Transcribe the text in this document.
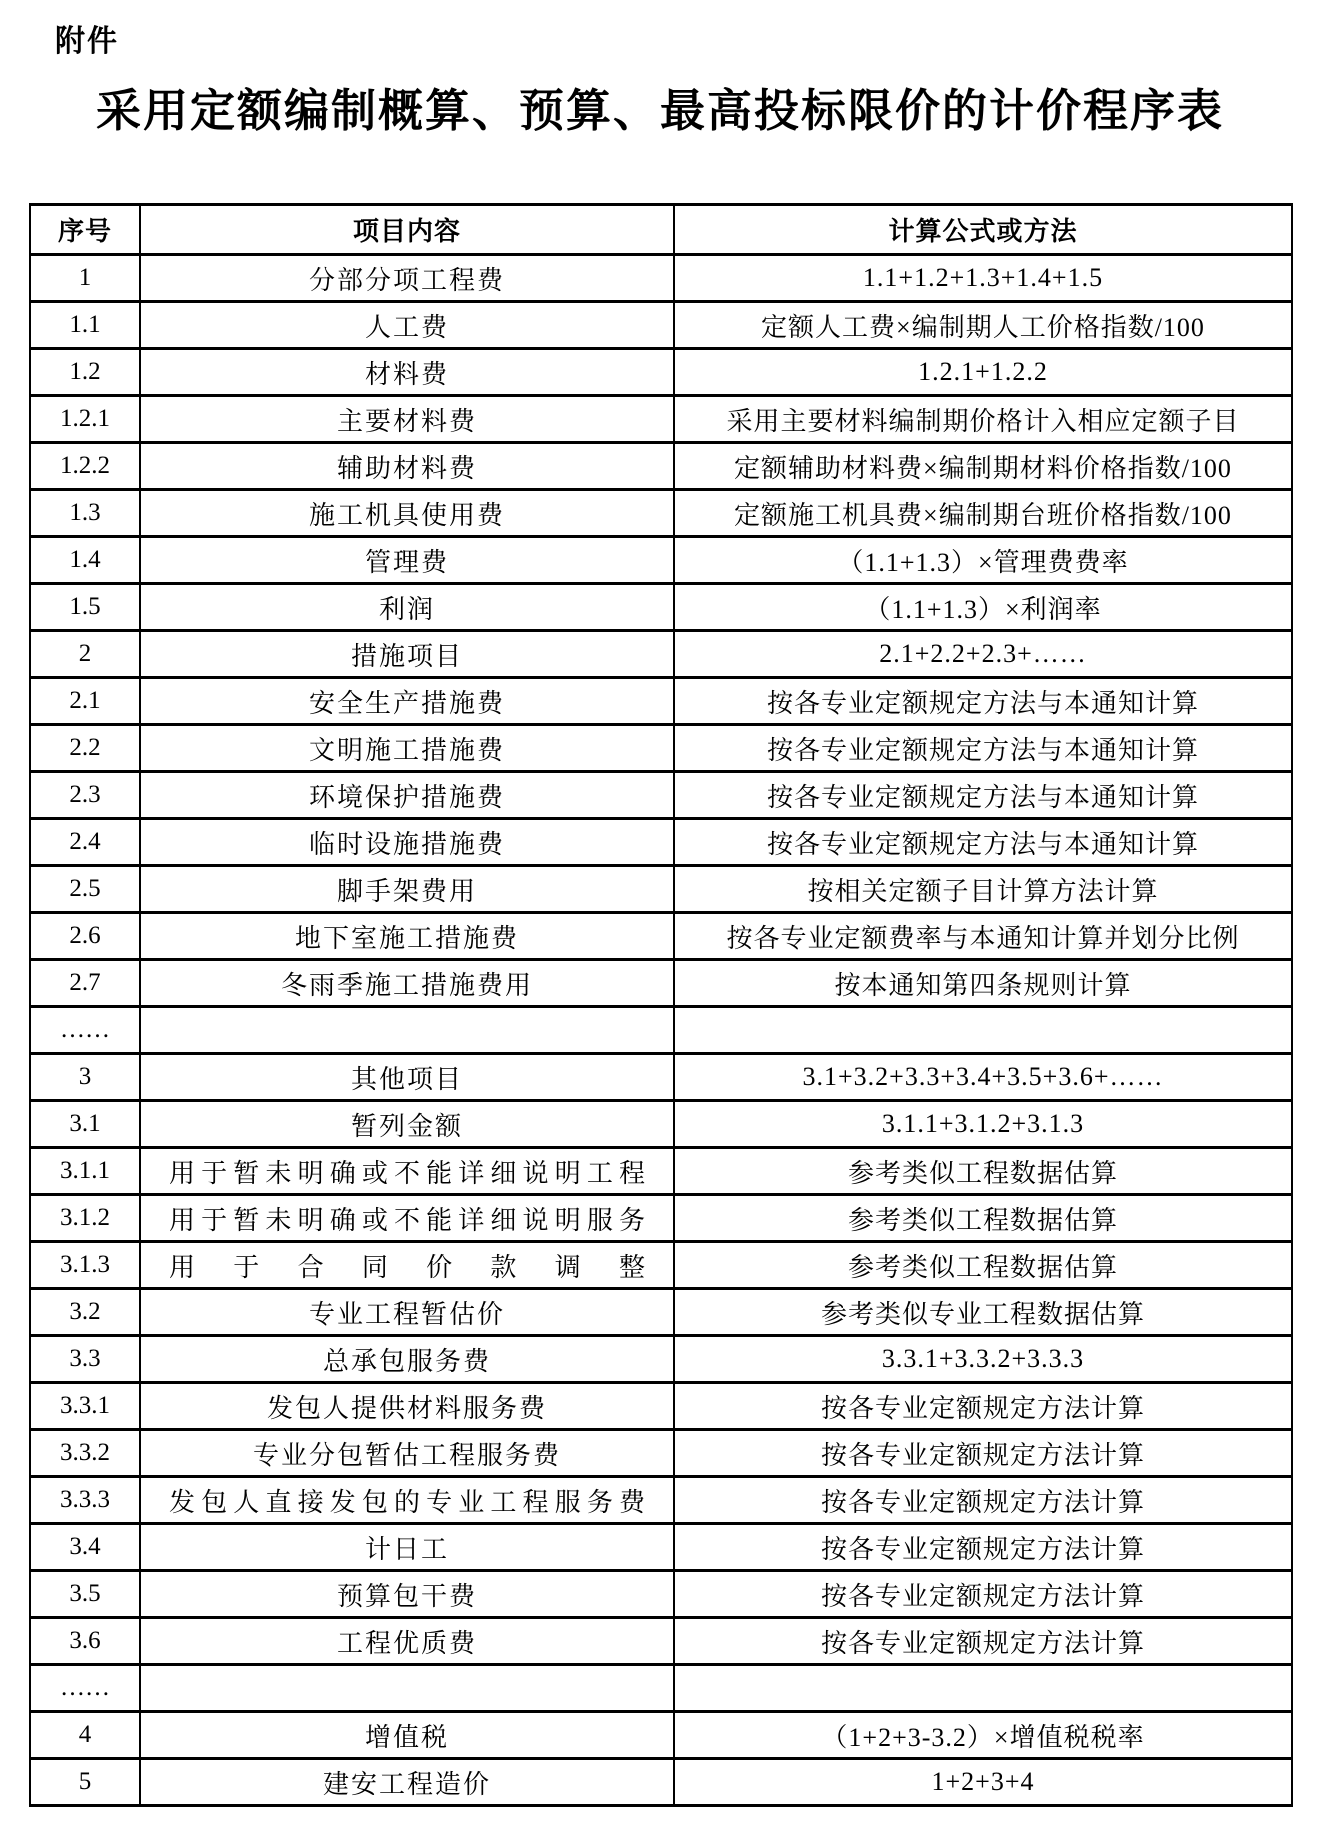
附件
采用定额编制概算、预算、最高投标限价的计价程序表
序号	项目内容	计算公式或方法
1	分部分项工程费	1.1+1.2+1.3+1.4+1.5
1.1	人工费	定额人工费×编制期人工价格指数/100
1.2	材料费	1.2.1+1.2.2
1.2.1	主要材料费	采用主要材料编制期价格计入相应定额子目
1.2.2	辅助材料费	定额辅助材料费×编制期材料价格指数/100
1.3	施工机具使用费	定额施工机具费×编制期台班价格指数/100
1.4	管理费	（1.1+1.3）×管理费费率
1.5	利润	（1.1+1.3）×利润率
2	措施项目	2.1+2.2+2.3+……
2.1	安全生产措施费	按各专业定额规定方法与本通知计算
2.2	文明施工措施费	按各专业定额规定方法与本通知计算
2.3	环境保护措施费	按各专业定额规定方法与本通知计算
2.4	临时设施措施费	按各专业定额规定方法与本通知计算
2.5	脚手架费用	按相关定额子目计算方法计算
2.6	地下室施工措施费	按各专业定额费率与本通知计算并划分比例
2.7	冬雨季施工措施费用	按本通知第四条规则计算
……		
3	其他项目	3.1+3.2+3.3+3.4+3.5+3.6+……
3.1	暂列金额	3.1.1+3.1.2+3.1.3
3.1.1	用 于 暂 未 明 确 或 不 能 详 细 说 明 工 程	参考类似工程数据估算
3.1.2	用 于 暂 未 明 确 或 不 能 详 细 说 明 服 务	参考类似工程数据估算
3.1.3	用 于 合 同 价 款 调 整	参考类似工程数据估算
3.2	专业工程暂估价	参考类似专业工程数据估算
3.3	总承包服务费	3.3.1+3.3.2+3.3.3
3.3.1	发包人提供材料服务费	按各专业定额规定方法计算
3.3.2	专业分包暂估工程服务费	按各专业定额规定方法计算
3.3.3	发 包 人 直 接 发 包 的 专 业 工 程 服 务 费	按各专业定额规定方法计算
3.4	计日工	按各专业定额规定方法计算
3.5	预算包干费	按各专业定额规定方法计算
3.6	工程优质费	按各专业定额规定方法计算
……		
4	增值税	（1+2+3-3.2）×增值税税率
5	建安工程造价	1+2+3+4
